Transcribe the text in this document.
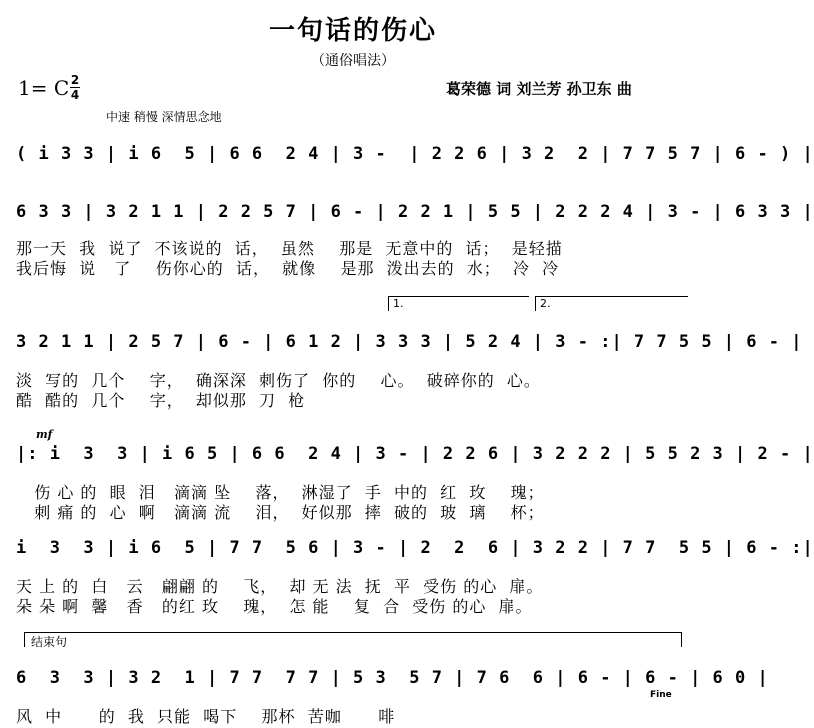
一句话的伤心
（通俗唱法）
1= C 2
4	葛荣德 词 刘兰芳 孙卫东 曲
中速 稍慢 深情思念地
( i 3 3 | i 6  5 | 6 6  2 4 | 3 -  | 2 2 6 | 3 2  2 | 7 7 5 7 | 6 - ) |
6 3 3 | 3 2 1 1 | 2 2 5 7 | 6 - | 2 2 1 | 5 5 | 2 2 2 4 | 3 - | 6 3 3 |
那一天  我  说了  不该说的  话，  虽然    那是  无意中的  话；  是轻描
我后悔  说   了    伤你心的  话，  就像    是那  泼出去的  水；  冷  冷
1.	2.
3 2 1 1 | 2 5 7 | 6 - | 6 1 2 | 3 3 3 | 5 2 4 | 3 - :| 7 7 5 5 | 6 - |
淡  写的  几个    字，  确深深  刺伤了  你的    心。  破碎你的  心。
酷  酷的  几个    字，  却似那  刀  枪
mf
|: i  3  3 | i 6 5 | 6 6  2 4 | 3 - | 2 2 6 | 3 2 2 2 | 5 5 2 3 | 2 - |
伤 心 的  眼  泪   滴滴 坠    落，  淋湿了  手  中的  红  玫    瑰；
刺 痛 的  心  啊   滴滴 流    泪，  好似那  摔  破的  玻  璃    杯；
i  3  3 | i 6  5 | 7 7  5 6 | 3 - | 2  2  6 | 3 2 2 | 7 7  5 5 | 6 - :|
天 上 的  白   云   翩翩 的    飞，  却 无 法  抚  平  受伤 的心  扉。
朵 朵 啊  馨   香   的红 玫    瑰，  怎 能    复  合  受伤 的心  扉。
结束句
6  3  3 | 3 2  1 | 7 7  7 7 | 5 3  5 7 | 7 6  6 | 6 - | 6 - | 6 0 |
Fine
风  中      的  我  只能  喝下    那杯  苦咖      啡
